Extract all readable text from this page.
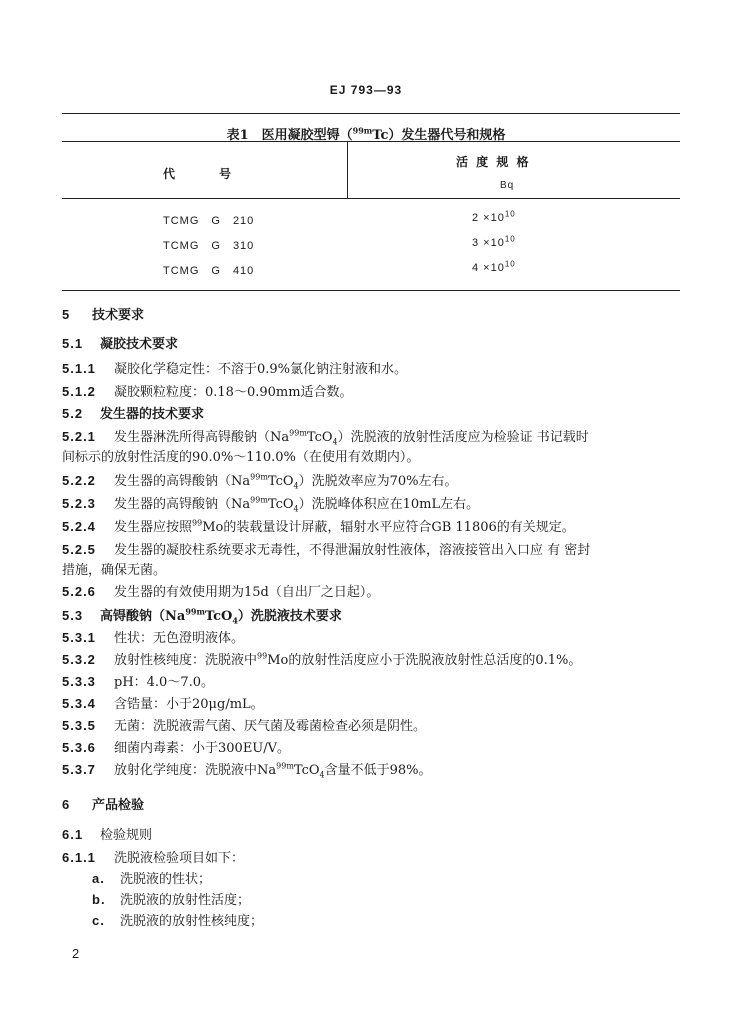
EJ 793—93
表1　 医用凝胶型锝（$^{99m}$Tc）发生器代号和规格
代　　　号
活 度 规 格
Bq
TCMG　G　210	$2 \times 10^{10}$
TCMG　G　310	$3 \times 10^{10}$
TCMG　G　410	$4 \times 10^{10}$
5 技术要求
5.1 凝胶技术要求
5.1.1 凝胶化学稳定性：不溶于0.9%氯化钠注射液和水。
5.1.2 凝胶颗粒粒度：0.18～0.90mm适合数。
5.2 发生器的技术要求
5.2.1 发生器淋洗所得高锝酸钠$(Na^{99m}TcO_4)$洗脱液的放射性活度应为检验证 书记载时
间标示的放射性活度的90.0%～110.0%（在使用有效期内）。
5.2.2 发生器的高锝酸钠$(Na^{99m}TcO_4)$洗脱效率应为70%左右。
5.2.3 发生器的高锝酸钠$(Na^{99m}TcO_4)$洗脱峰体积应在10mL左右。
5.2.4 发生器应按照$^{99}$Mo的装载量设计屏蔽，辐射水平应符合GB 11806的有关规定。
5.2.5 发生器的凝胶柱系统要求无毒性，不得泄漏放射性液体，溶液接管出入口应 有 密封
措施，确保无菌。
5.2.6 发生器的有效使用期为15d（自出厂之日起）。
5.3 高锝酸钠$(Na^{99m}TcO_4)$洗脱液技术要求
5.3.1 性状：无色澄明液体。
5.3.2 放射性核纯度：洗脱液中$^{99}$Mo的放射性活度应小于洗脱液放射性总活度的0.1%。
5.3.3 pH：4.0～7.0。
5.3.4 含锆量：小于20μg/mL。
5.3.5 无菌：洗脱液需气菌、厌气菌及霉菌检查必须是阴性。
5.3.6 细菌内毒素：小于300EU/V。
5.3.7 放射化学纯度：洗脱液中$Na^{99m}TcO_4$含量不低于98%。
6 产品检验
6.1 检验规则
6.1.1 洗脱液检验项目如下：
a. 洗脱液的性状；
b. 洗脱液的放射性活度；
c. 洗脱液的放射性核纯度；
2
